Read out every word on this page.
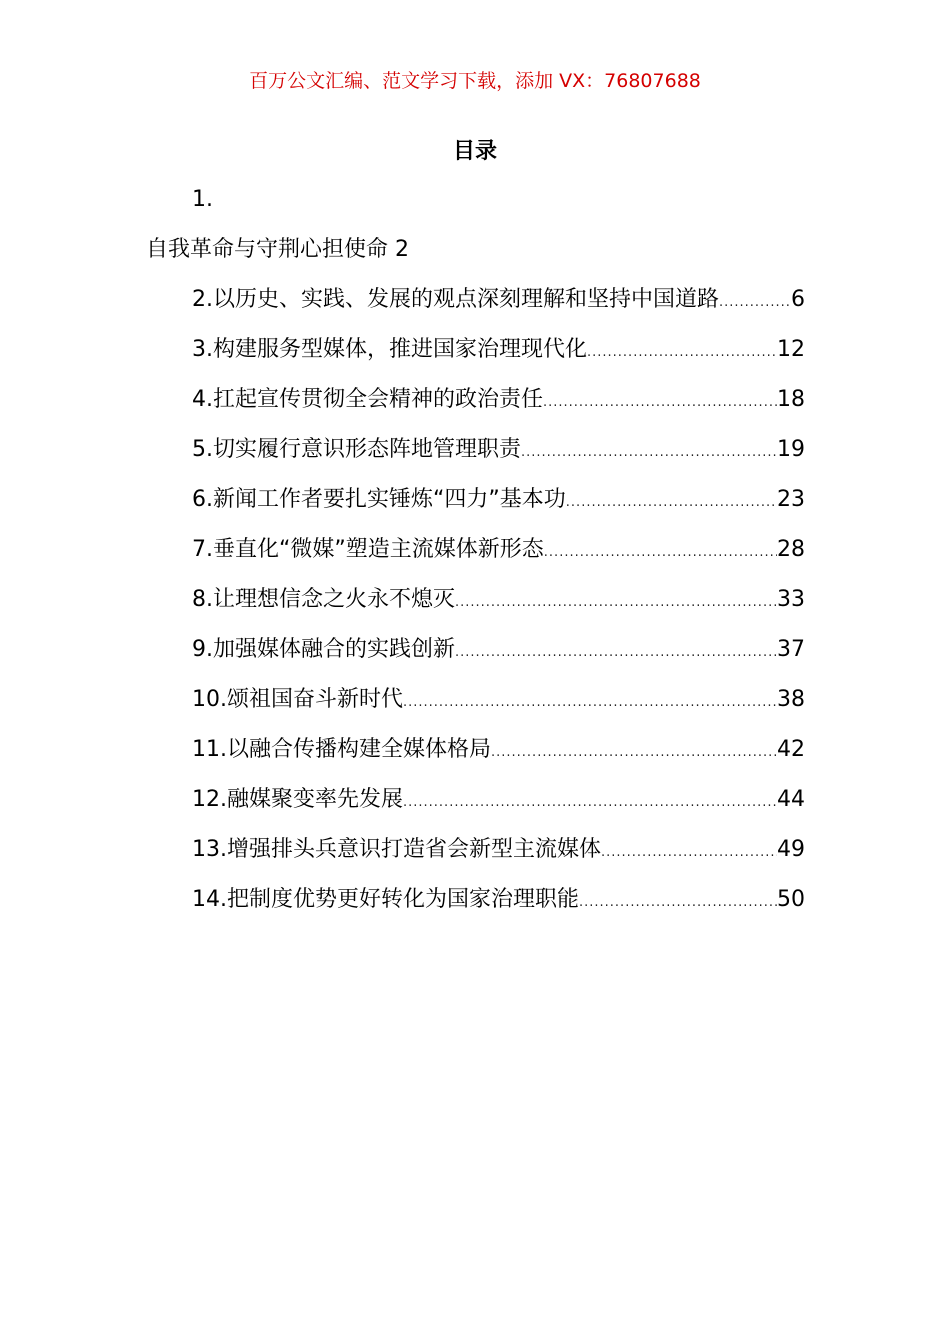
百万公文汇编、范文学习下载，添加 VX：76807688
目录
1.
自我革命与守荆心担使命 2
2.以历史、实践、发展的观点深刻理解和坚持中国道路 .....	6
3.构建服务型媒体，推进国家治理现代化 .....	12
4.扛起宣传贯彻全会精神的政治责任 .....	18
5.切实履行意识形态阵地管理职责 .....	19
6.新闻工作者要扎实锤炼“四力”基本功 .....	23
7.垂直化“微媒”塑造主流媒体新形态 .....	28
8.让理想信念之火永不熄灭 .....	33
9.加强媒体融合的实践创新 .....	37
10.颂祖国奋斗新时代 .....	38
11.以融合传播构建全媒体格局 .....	42
12.融媒聚变率先发展 .....	44
13.增强排头兵意识打造省会新型主流媒体 .....	49
14.把制度优势更好转化为国家治理职能 .....	50
